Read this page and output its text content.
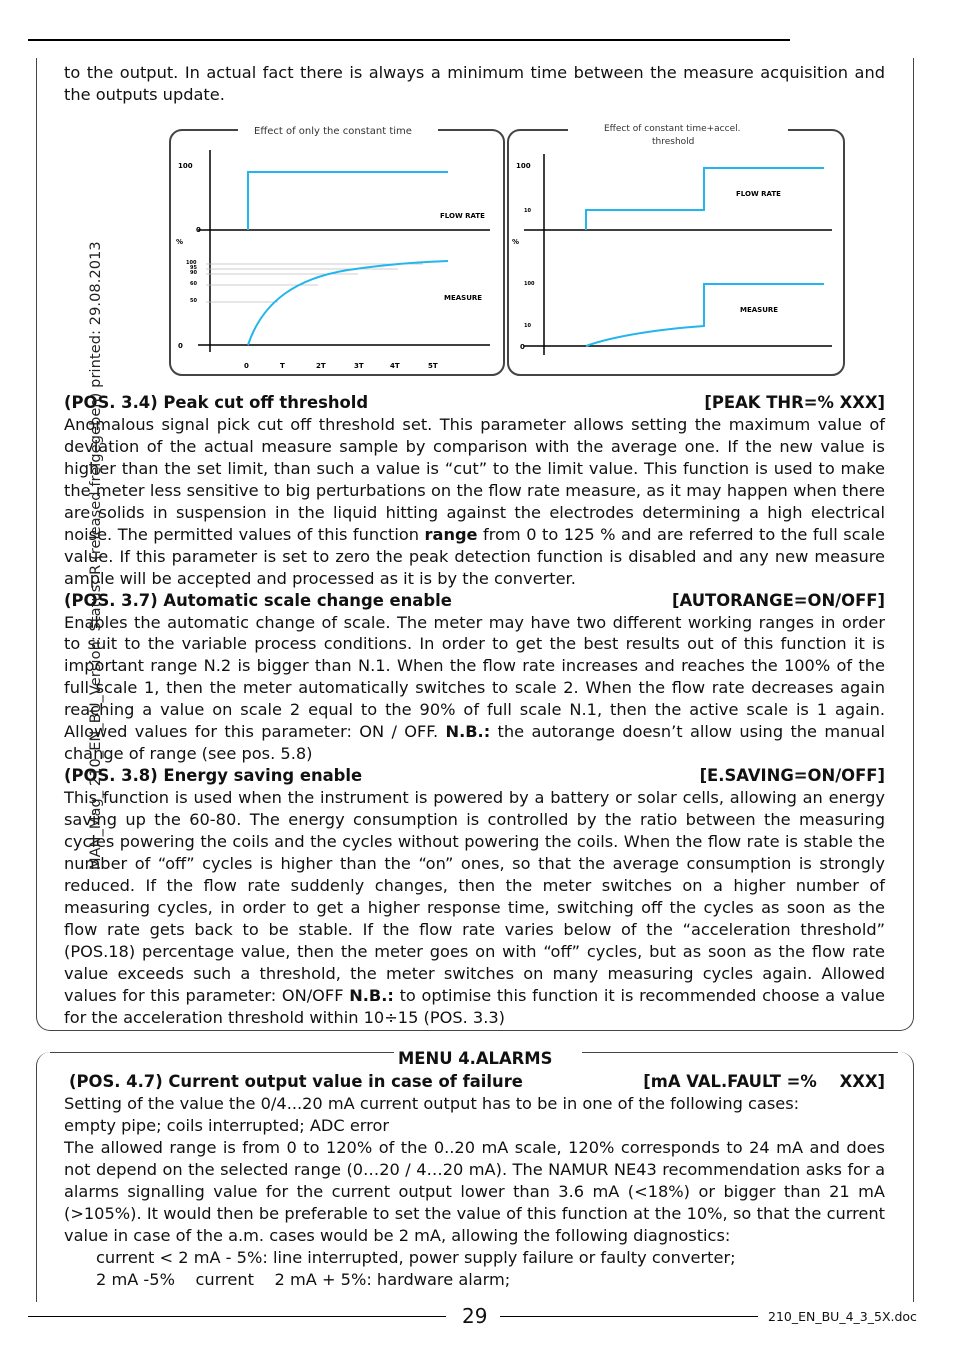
to the output. In actual fact there is always a minimum time between the measure acquisition and the outputs update.

Effect of only the constant time
100
0
%
100
95
90
60
50
0
FLOW RATE
MEASURE
0	T	2T	3T	4T	5T
Effect of constant time+accel.
threshold
100
10
%
100
10
0
FLOW RATE
MEASURE
(POS. 3.4) Peak cut off threshold	[PEAK THR=% XXX]

Anomalous signal pick cut off threshold set. This parameter allows setting the maximum value of deviation of the actual measure sample by comparison with the average one. If the new value is higher than the set limit, than such a value is “cut” to the limit value. This function is used to make the meter less sensitive to big perturbations on the flow rate measure, as it may happen when there are solids in suspension in the liquid hitting against the electrodes determining a high electrical noise. The permitted values of this function range from 0 to 125 % and are referred to the full scale value. If this parameter is set to zero the peak detection function is disabled and any new measure ample will be accepted and processed as it is by the converter.

(POS. 3.7) Automatic scale change enable	[AUTORANGE=ON/OFF]

Enables the automatic change of scale. The meter may have two different working ranges in order to suit to the variable process conditions. In order to get the best results out of this function it is important range N.2 is bigger than N.1. When the flow rate increases and reaches the 100% of the full scale 1, then the meter automatically switches to scale 2. When the flow rate decreases again reaching a value on scale 2 equal to the 90% of full scale N.1, then the active scale is 1 again. Allowed values for this parameter: ON / OFF. N.B.: the autorange doesn’t allow using the manual change of range (see pos. 5.8)

(POS. 3.8) Energy saving enable	[E.SAVING=ON/OFF]

This function is used when the instrument is powered by a battery or solar cells, allowing an energy saving up the 60-80. The energy consumption is controlled by the ratio between the measuring cycles powering the coils and the cycles without powering the coils. When the flow rate is stable the number of “off” cycles is higher than the “on” ones, so that the average consumption is strongly reduced. If the flow rate suddenly changes, then the meter switches on a higher number of measuring cycles, in order to get a higher response time, switching off the cycles as soon as the flow rate gets back to be stable. If the flow rate varies below of the “acceleration threshold” (POS.18) percentage value, then the meter goes on with “off” cycles, but as soon as the flow rate value exceeds such a threshold, the meter switches on many measuring cycles again. Allowed values for this parameter: ON/OFF N.B.: to optimise this function it is recommended choose a value for the acceleration threshold within 10÷15 (POS. 3.3)

MENU 4.ALARMS
(POS. 4.7) Current output value in case of failure	[mA VAL.FAULT =%    XXX]

Setting of the value the 0/4...20 mA current output has to be in one of the following cases:

empty pipe; coils interrupted; ADC error

The allowed range is from 0 to 120% of the 0..20 mA scale, 120% corresponds to 24 mA and does not depend on the selected range (0…20 / 4…20 mA). The NAMUR NE43 recommendation asks for a alarms signalling value for the current output lower than 3.6 mA (<18%) or bigger than 21 mA (>105%). It would then be preferable to set the value of this function at the 10%, so that the current value in case of the a.m. cases would be 2 mA, allowing the following diagnostics:

current < 2 mA - 5%: line interrupted, power supply failure or faulty converter;

2 mA -5%    current    2 mA + 5%: hardware alarm;

MAN_Mag_ 210_EN_BU_Version: Status: R (released freigegeben) printed: 29.08.2013
29	210_EN_BU_4_3_5X.doc
